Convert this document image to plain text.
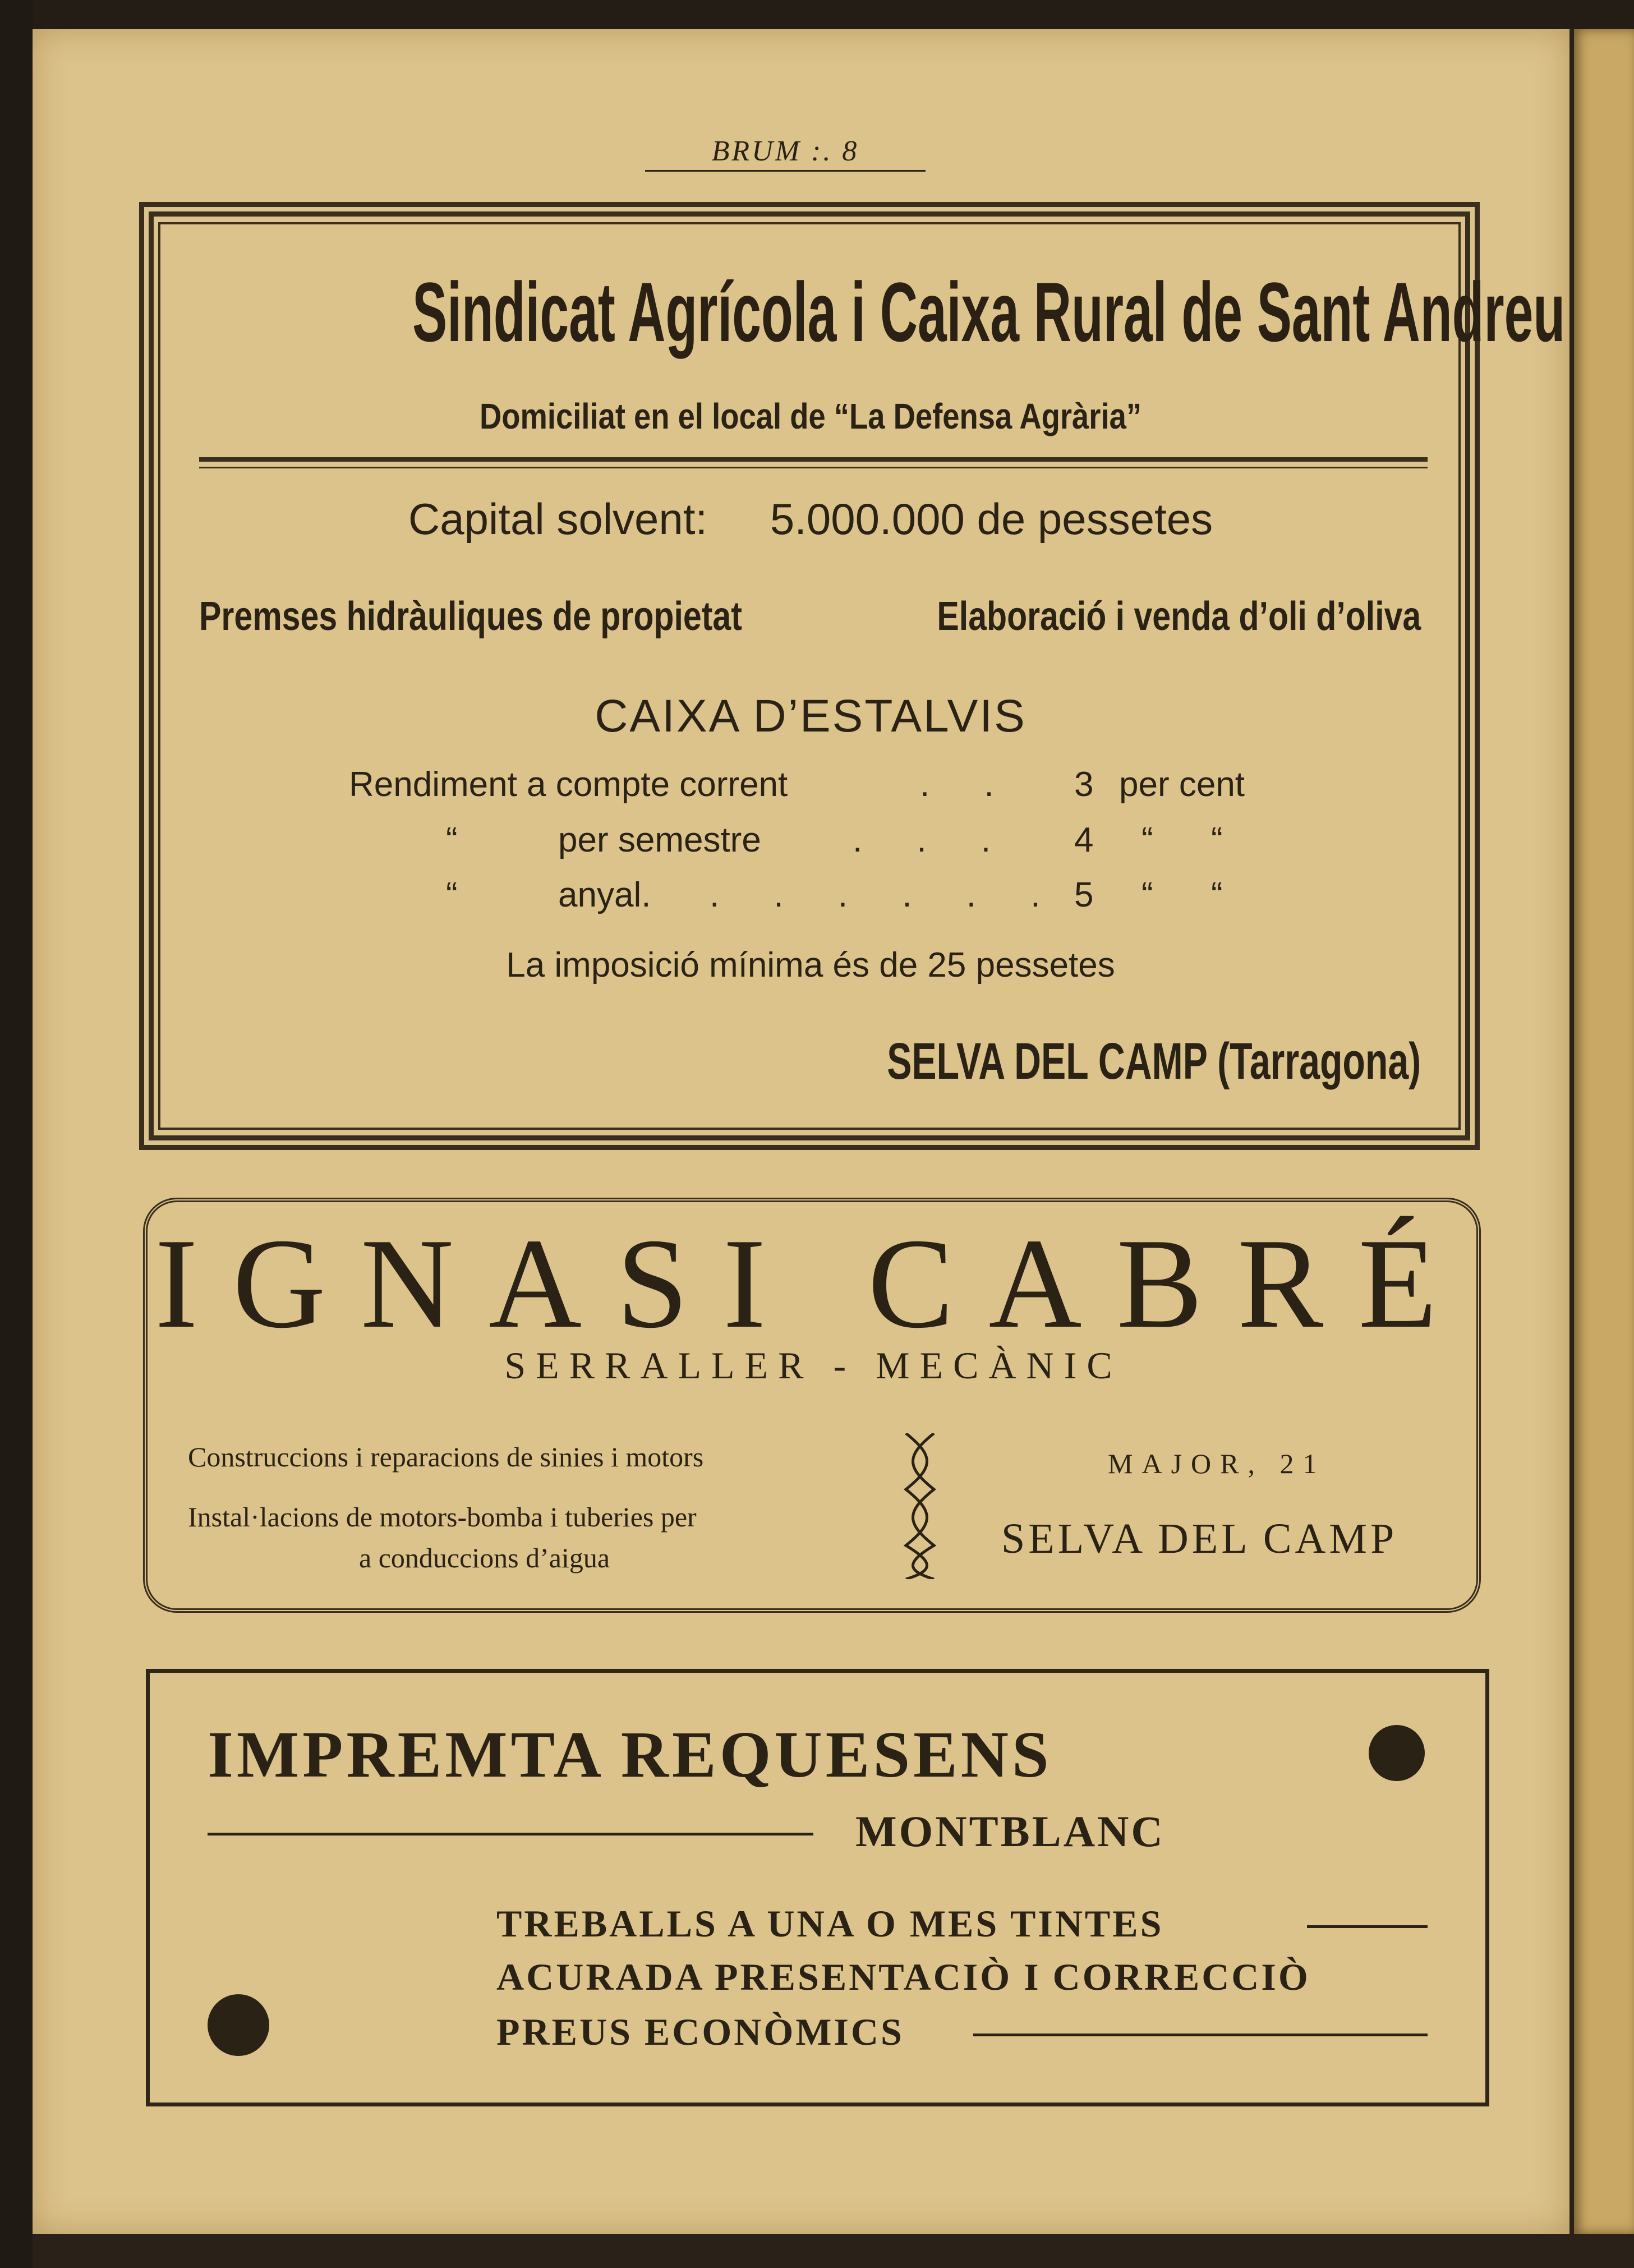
BRUM :. 8
Sindicat Agrícola i Caixa Rural de Sant Andreu
Domiciliat en el local de “La Defensa Agrària”
Capital solvent: 5.000.000 de pessetes
Premses hidràuliques de propietat	Elaboració i venda d’oli d’oliva
CAIXA D’ESTALVIS
Rendiment a compte corrent	. . 3 per cent
“	per semestre	. . . 4 “      “
“	anyal. . . . . . . 5 “      “
La imposició mínima és de 25 pessetes
SELVA DEL CAMP (Tarragona)
IGNASI CABRÉ
SERRALLER - MECÀNIC
Construccions i reparacions de sinies i motors
Instal·lacions de motors-bomba i tuberies per
a conduccions d’aigua
MAJOR, 21
SELVA DEL CAMP
IMPREMTA REQUESENS
MONTBLANC
TREBALLS A UNA O MES TINTES
ACURADA PRESENTACIÒ I CORRECCIÒ
PREUS ECONÒMICS
